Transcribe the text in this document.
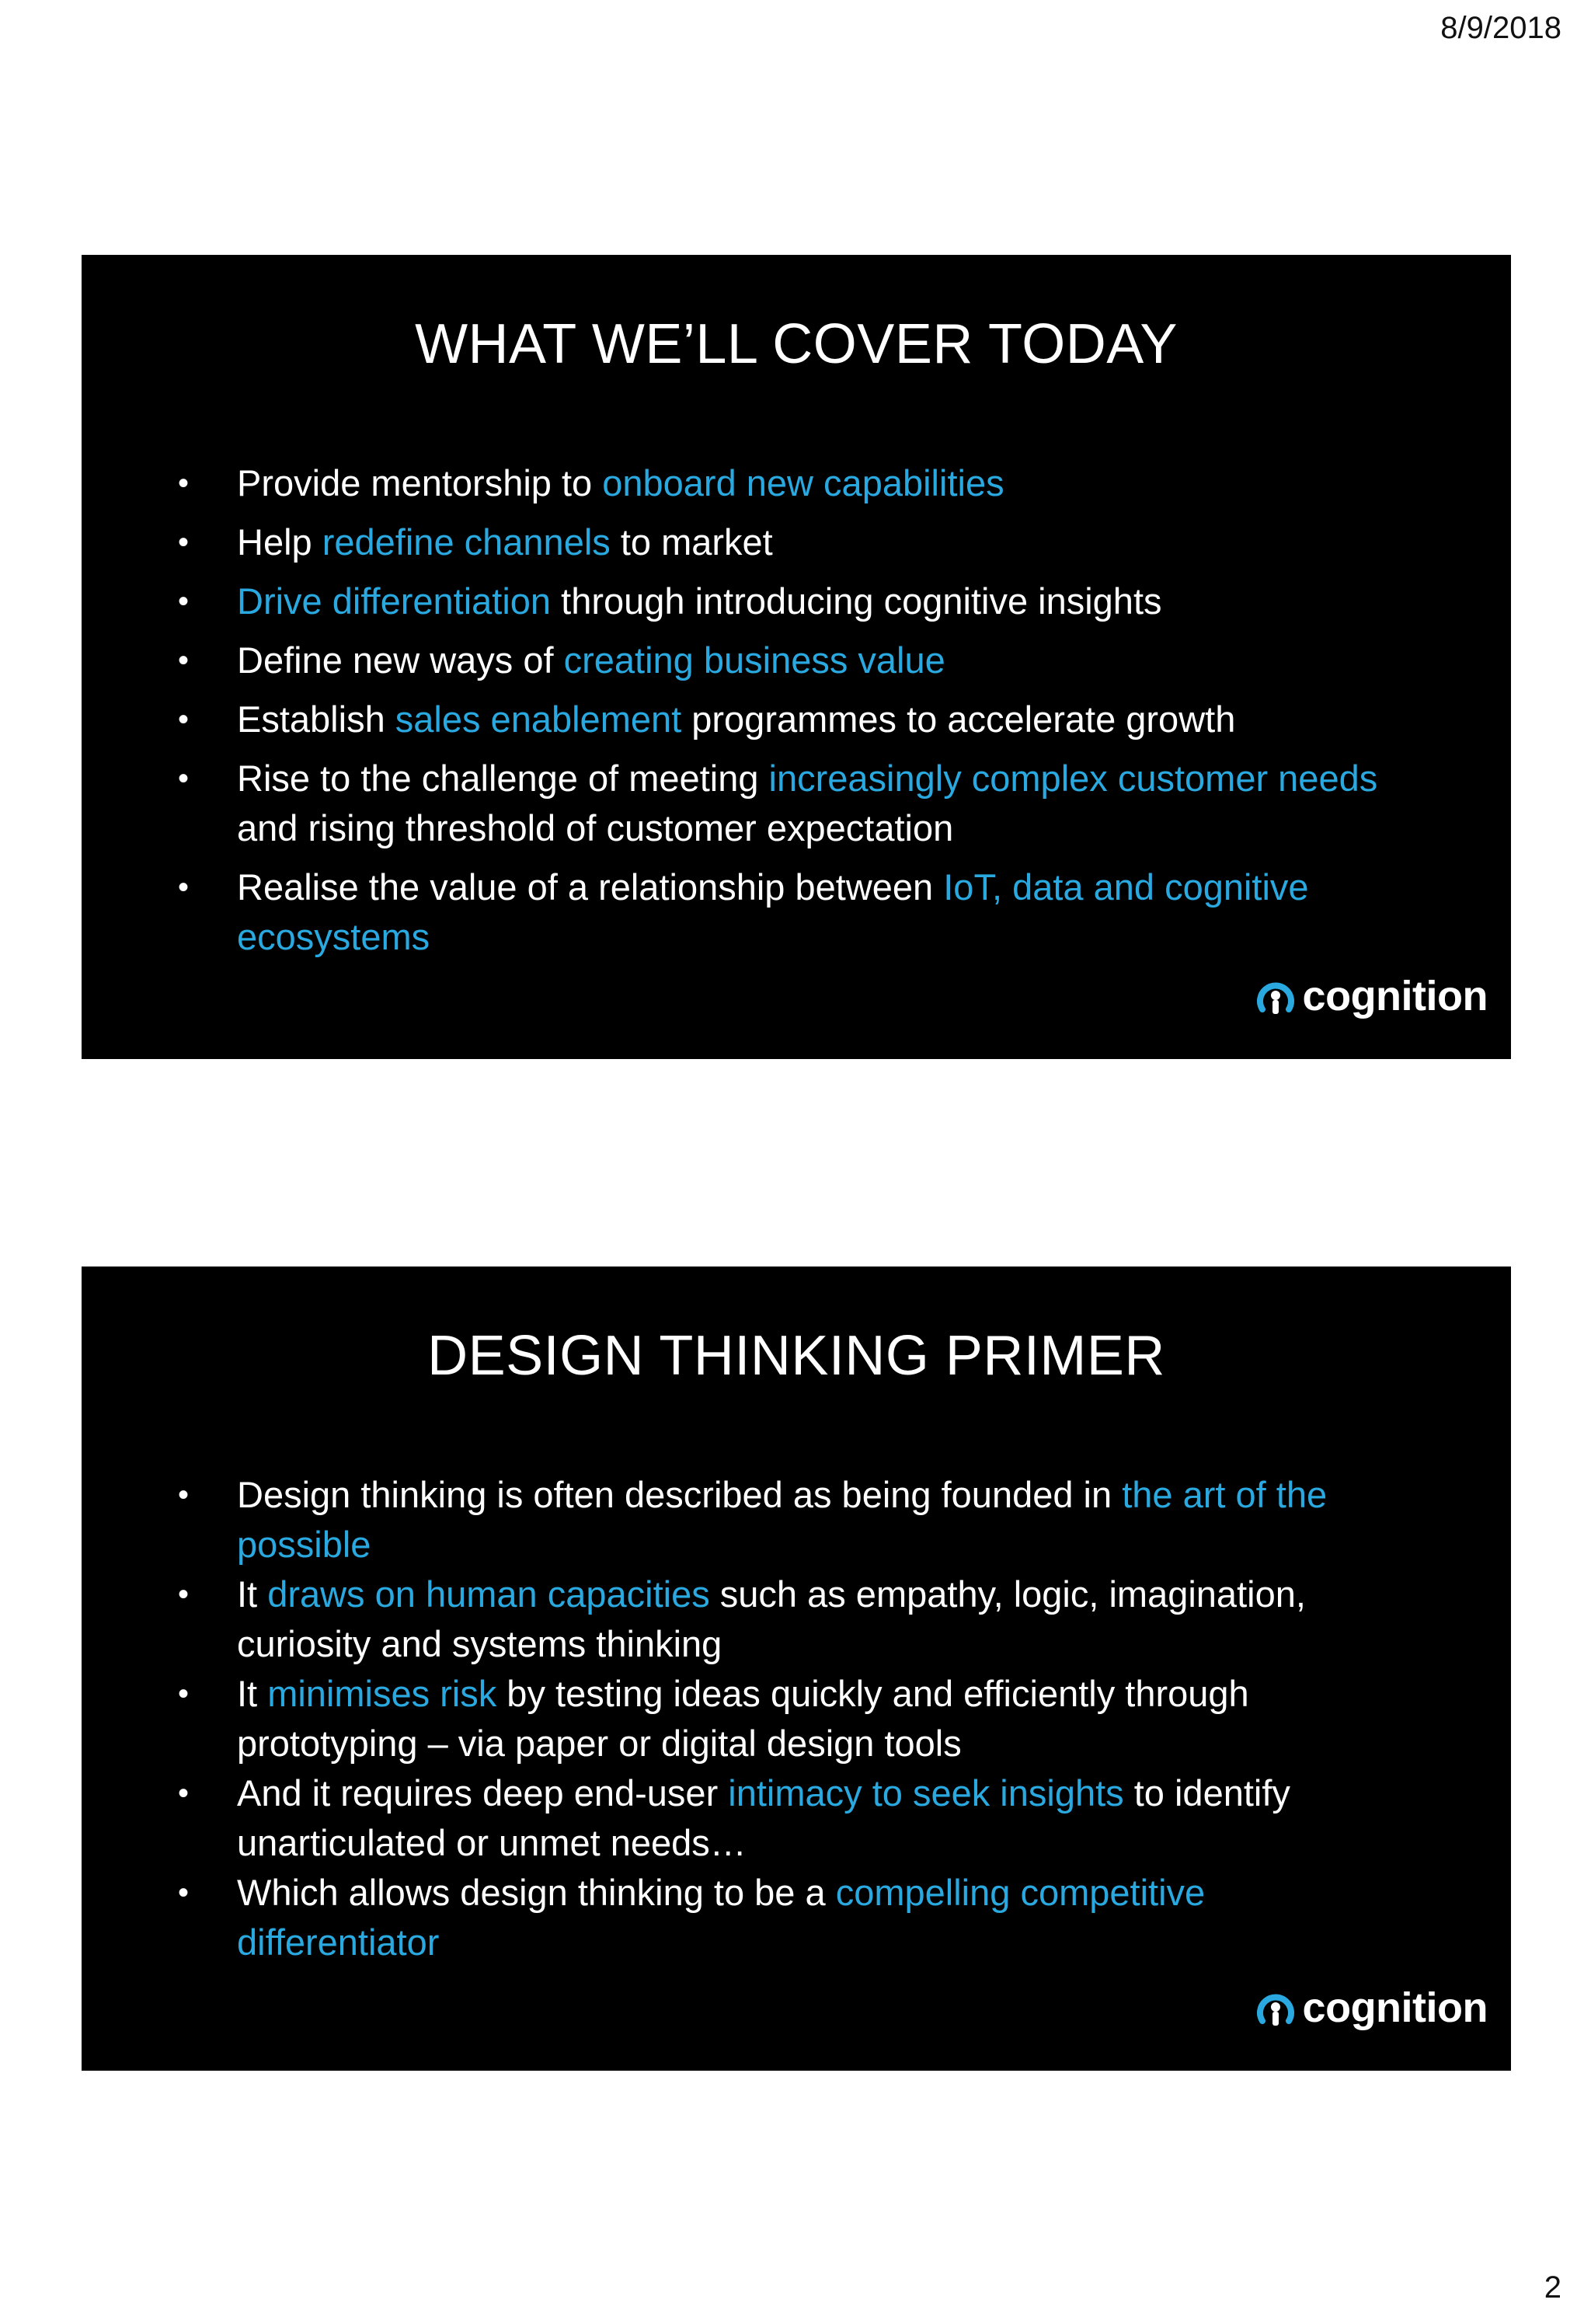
8/9/2018
WHAT WE’LL COVER TODAY
• Provide mentorship to onboard new capabilities
• Help redefine channels to market
• Drive differentiation through introducing cognitive insights
• Define new ways of creating business value
• Establish sales enablement programmes to accelerate growth
• Rise to the challenge of meeting increasingly complex customer needs and rising threshold of customer expectation
• Realise the value of a relationship between IoT, data and cognitive ecosystems
cognition
DESIGN THINKING PRIMER
• Design thinking is often described as being founded in the art of the possible
• It draws on human capacities such as empathy, logic, imagination, curiosity and systems thinking
• It minimises risk by testing ideas quickly and efficiently through prototyping – via paper or digital design tools
• And it requires deep end-user intimacy to seek insights to identify unarticulated or unmet needs…
• Which allows design thinking to be a compelling competitive differentiator
cognition
2
